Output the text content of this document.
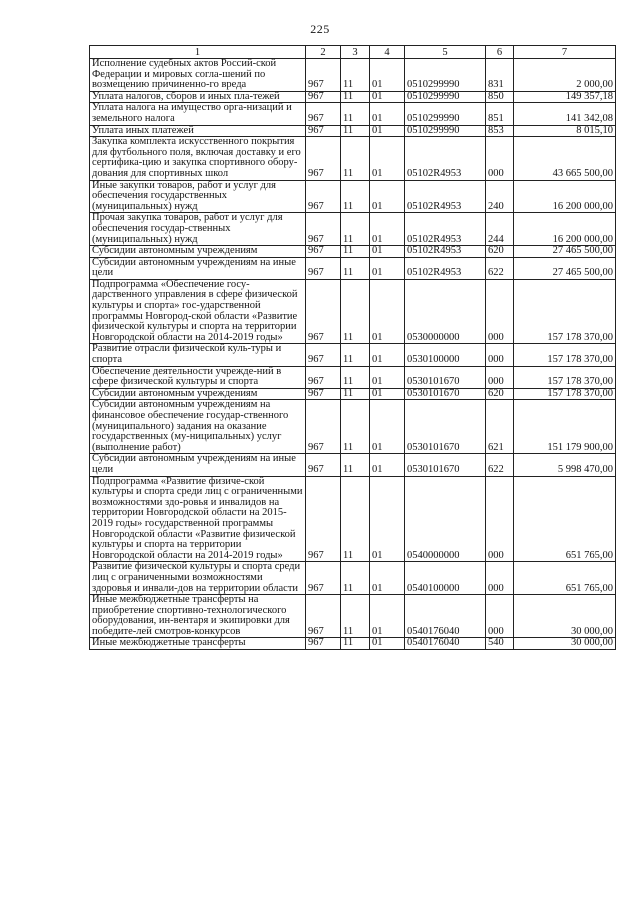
225
1	2	3	4	5	6	7
Исполнение судебных актов Россий-ской Федерации и мировых согла-шений по возмещению причиненно-го вреда	967	11	01	0510299990	831	2 000,00
Уплата налогов, сборов и иных пла-тежей	967	11	01	0510299990	850	149 357,18
Уплата налога на имущество орга-низаций и земельного налога	967	11	01	0510299990	851	141 342,08
Уплата иных платежей	967	11	01	0510299990	853	8 015,10
Закупка комплекта искусственного покрытия для футбольного поля, включая доставку и его сертифика-цию и закупка спортивного обору-дования для спортивных школ	967	11	01	05102R4953	000	43 665 500,00
Иные закупки товаров, работ и услуг для обеспечения государственных (муниципальных) нужд	967	11	01	05102R4953	240	16 200 000,00
Прочая закупка товаров, работ и услуг для обеспечения государ-ственных (муниципальных) нужд	967	11	01	05102R4953	244	16 200 000,00
Субсидии автономным учреждениям	967	11	01	05102R4953	620	27 465 500,00
Субсидии автономным учреждениям на иные цели	967	11	01	05102R4953	622	27 465 500,00
Подпрограмма «Обеспечение госу-дарственного управления в сфере физической культуры и спорта» гос-ударственной программы Новгород-ской области «Развитие физической культуры и спорта на территории Новгородской области на 2014-2019 годы»	967	11	01	0530000000	000	157 178 370,00
Развитие отрасли физической куль-туры и спорта	967	11	01	0530100000	000	157 178 370,00
Обеспечение деятельности учрежде-ний в сфере физической культуры и спорта	967	11	01	0530101670	000	157 178 370,00
Субсидии автономным учреждениям	967	11	01	0530101670	620	157 178 370,00
Субсидии автономным учреждениям на финансовое обеспечение государ-ственного (муниципального) задания на оказание государственных (му-ниципальных) услуг (выполнение работ)	967	11	01	0530101670	621	151 179 900,00
Субсидии автономным учреждениям на иные цели	967	11	01	0530101670	622	5 998 470,00
Подпрограмма «Развитие физиче-ской культуры и спорта среди лиц с ограниченными возможностями здо-ровья и инвалидов на территории Новгородской области на 2015-2019 годы» государственной программы Новгородской области «Развитие физической культуры и спорта на территории Новгородской области на 2014-2019 годы»	967	11	01	0540000000	000	651 765,00
Развитие физической культуры и спорта среди лиц с ограниченными возможностями здоровья и инвали-дов на территории области	967	11	01	0540100000	000	651 765,00
Иные межбюджетные трансферты на приобретение спортивно-технологического оборудования, ин-вентаря и экипировки для победите-лей смотров-конкурсов	967	11	01	0540176040	000	30 000,00
Иные межбюджетные трансферты	967	11	01	0540176040	540	30 000,00
